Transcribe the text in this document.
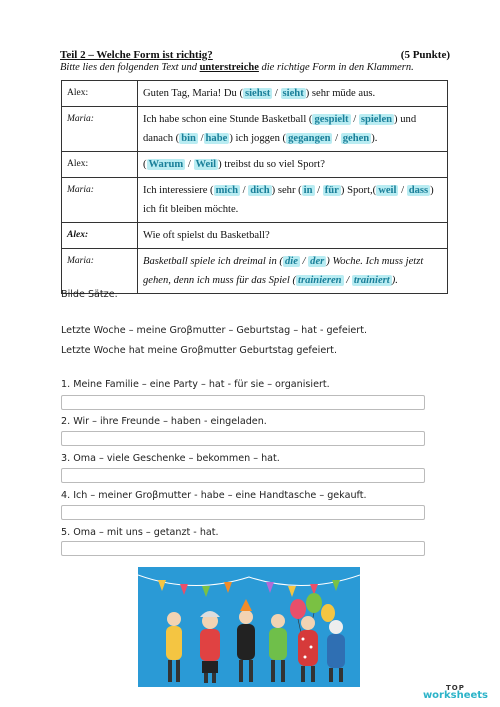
Teil 2 – Welche Form ist richtig?	(5 Punkte)
Bitte lies den folgenden Text und unterstreiche die richtige Form in den Klammern.
Alex:	Guten Tag, Maria! Du ( siehst / sieht ) sehr müde aus.
Maria:	Ich habe schon eine Stunde Basketball ( gespielt / spielen ) und danach ( bin / habe ) ich joggen ( gegangen / gehen ).
Alex:	( Warum / Weil ) treibst du so viel Sport?
Maria:	Ich interessiere ( mich / dich ) sehr ( in / für ) Sport,( weil / dass ) ich fit bleiben möchte.
Alex:	Wie oft spielst du Basketball?
Maria:	Basketball spiele ich dreimal in ( die / der ) Woche. Ich muss jetzt gehen, denn ich muss für das Spiel ( trainieren / trainiert ).
Bilde Sätze.
Letzte Woche – meine Groβmutter – Geburtstag – hat - gefeiert.
Letzte Woche hat meine Groβmutter Geburtstag gefeiert.
1. Meine Familie – eine Party – hat - für sie – organisiert.
2. Wir – ihre Freunde – haben - eingeladen.
3. Oma – viele Geschenke – bekommen – hat.
4. Ich – meiner Groβmutter - habe – eine Handtasche – gekauft.
5. Oma – mit uns – getanzt - hat.
TOP
worksheets
